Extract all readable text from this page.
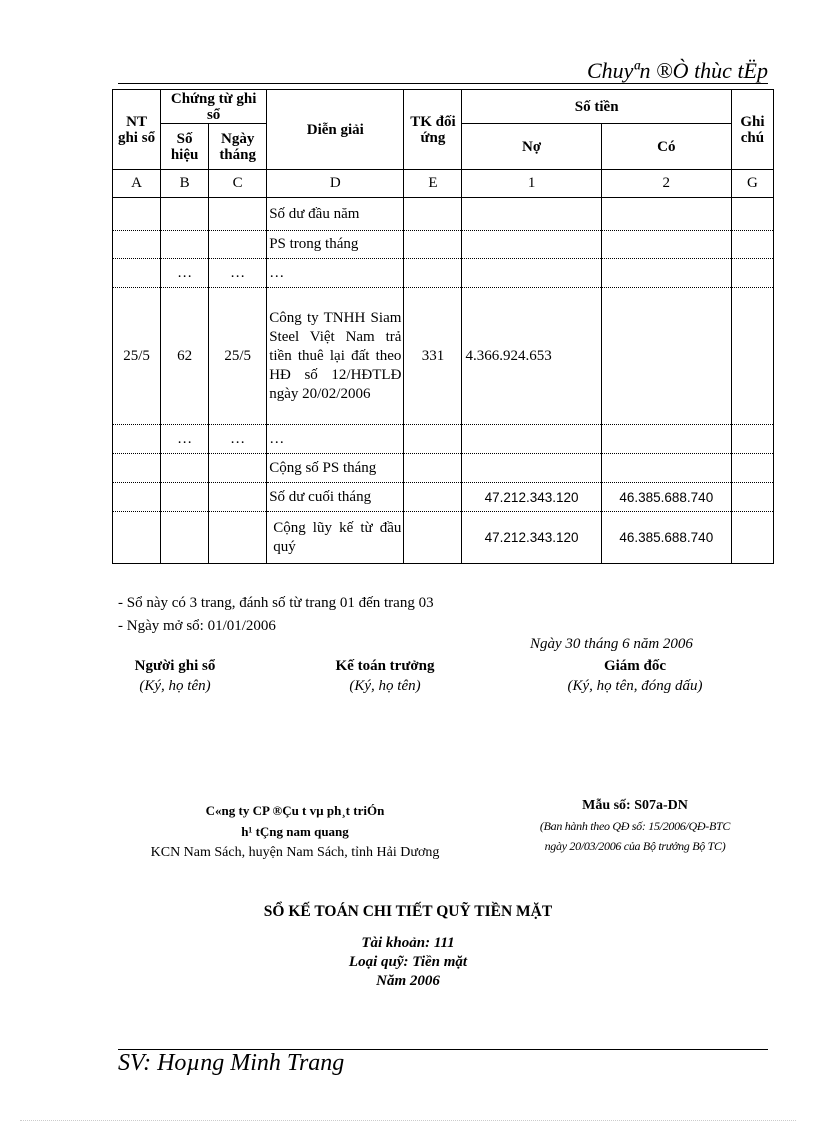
Chuyªn ®Ò thùc tËp
NT ghi sổ	Chứng từ ghi sổ		Diễn giải	TK đối ứng	Số tiền		Ghi chú
	Số hiệu	Ngày tháng			Nợ	Có	
A	B	C	D	E	1	2	G
			Số dư đầu năm				
			PS trong tháng				
	…	…	…				
25/5	62	25/5	Công ty TNHH Siam Steel Việt Nam trả tiền thuê lại đất theo HĐ số 12/HĐTLĐ ngày 20/02/2006	331	4.366.924.653		
	…	…	…				
			Cộng số PS tháng				
			Số dư cuối tháng		47.212.343.120	46.385.688.740	
			Cộng lũy kế từ đầu quý		47.212.343.120	46.385.688.740	
- Sổ này có 3 trang, đánh số từ trang 01 đến trang 03
- Ngày mở sổ: 01/01/2006
Ngày 30 tháng 6 năm 2006
Người ghi sổ
(Ký, họ tên)
Kế toán trưởng
(Ký, họ tên)
Giám đốc
(Ký, họ tên, đóng dấu)
C«ng ty CP ®Çu t vµ ph¸t triÓn
h¹ tÇng nam quang
KCN Nam Sách, huyện Nam Sách, tỉnh Hải Dương
Mẫu số: S07a-DN
(Ban hành theo QĐ số: 15/2006/QĐ-BTC
ngày 20/03/2006 của Bộ trưởng Bộ TC)
SỔ KẾ TOÁN CHI TIẾT QUỸ TIỀN MẶT
Tài khoản: 111
Loại quỹ: Tiền mặt
Năm 2006
SV: Hoµng Minh Trang
